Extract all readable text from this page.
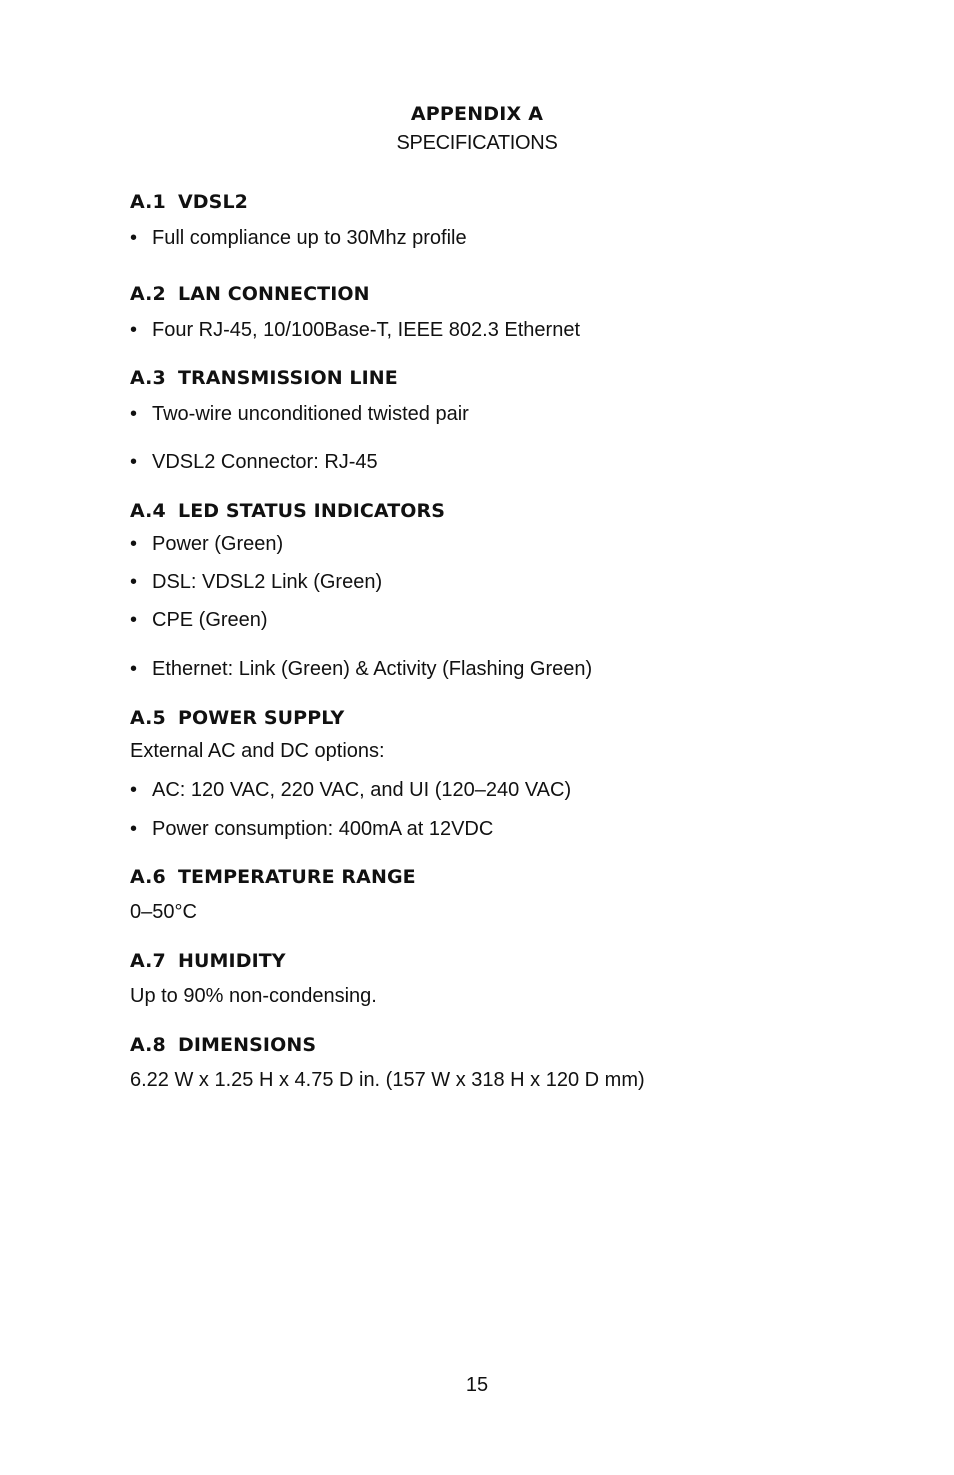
APPENDIX A
SPECIFICATIONS
A.1 VDSL2
• Full compliance up to 30Mhz profile
A.2 LAN CONNECTION
• Four RJ-45, 10/100Base-T, IEEE 802.3 Ethernet
A.3 TRANSMISSION LINE
• Two-wire unconditioned twisted pair
• VDSL2 Connector: RJ-45
A.4 LED STATUS INDICATORS
• Power (Green)
• DSL: VDSL2 Link (Green)
• CPE (Green)
• Ethernet: Link (Green) & Activity (Flashing Green)
A.5 POWER SUPPLY
External AC and DC options:
• AC: 120 VAC, 220 VAC, and UI (120–240 VAC)
• Power consumption: 400mA at 12VDC
A.6 TEMPERATURE RANGE
0–50°C
A.7 HUMIDITY
Up to 90% non-condensing.
A.8 DIMENSIONS
6.22 W x 1.25 H x 4.75 D in. (157 W x 318 H x 120 D mm)
15
